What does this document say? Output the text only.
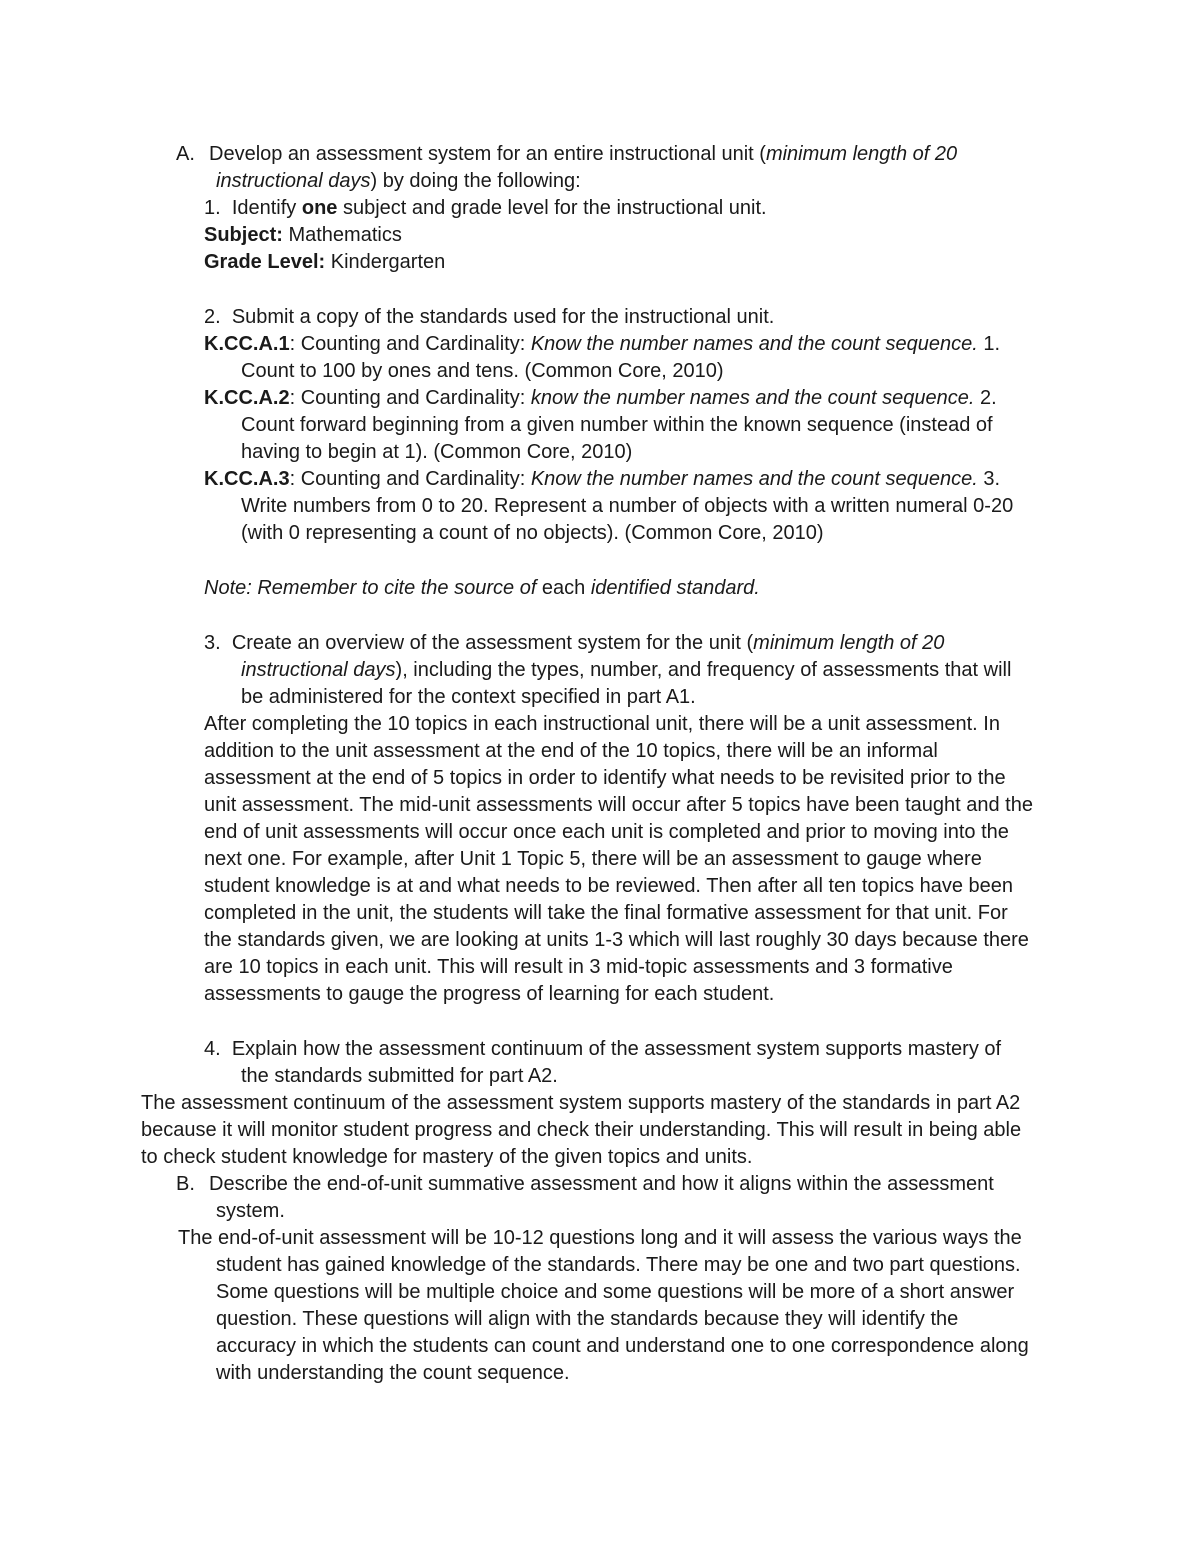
A. Develop an assessment system for an entire instructional unit (minimum length of 20
instructional days) by doing the following:
1. Identify one subject and grade level for the instructional unit.
Subject: Mathematics
Grade Level: Kindergarten
2. Submit a copy of the standards used for the instructional unit.
K.CC.A.1: Counting and Cardinality: Know the number names and the count sequence. 1.
Count to 100 by ones and tens. (Common Core, 2010)
K.CC.A.2: Counting and Cardinality: know the number names and the count sequence. 2.
Count forward beginning from a given number within the known sequence (instead of
having to begin at 1). (Common Core, 2010)
K.CC.A.3: Counting and Cardinality: Know the number names and the count sequence. 3.
Write numbers from 0 to 20. Represent a number of objects with a written numeral 0-20
(with 0 representing a count of no objects). (Common Core, 2010)
Note: Remember to cite the source of each identified standard.
3. Create an overview of the assessment system for the unit (minimum length of 20
instructional days), including the types, number, and frequency of assessments that will
be administered for the context specified in part A1.
After completing the 10 topics in each instructional unit, there will be a unit assessment. In
addition to the unit assessment at the end of the 10 topics, there will be an informal
assessment at the end of 5 topics in order to identify what needs to be revisited prior to the
unit assessment. The mid-unit assessments will occur after 5 topics have been taught and the
end of unit assessments will occur once each unit is completed and prior to moving into the
next one. For example, after Unit 1 Topic 5, there will be an assessment to gauge where
student knowledge is at and what needs to be reviewed. Then after all ten topics have been
completed in the unit, the students will take the final formative assessment for that unit. For
the standards given, we are looking at units 1-3 which will last roughly 30 days because there
are 10 topics in each unit. This will result in 3 mid-topic assessments and 3 formative
assessments to gauge the progress of learning for each student.
4. Explain how the assessment continuum of the assessment system supports mastery of
the standards submitted for part A2.
The assessment continuum of the assessment system supports mastery of the standards in part A2
because it will monitor student progress and check their understanding. This will result in being able
to check student knowledge for mastery of the given topics and units.
B. Describe the end-of-unit summative assessment and how it aligns within the assessment
system.
The end-of-unit assessment will be 10-12 questions long and it will assess the various ways the
student has gained knowledge of the standards. There may be one and two part questions.
Some questions will be multiple choice and some questions will be more of a short answer
question. These questions will align with the standards because they will identify the
accuracy in which the students can count and understand one to one correspondence along
with understanding the count sequence.
